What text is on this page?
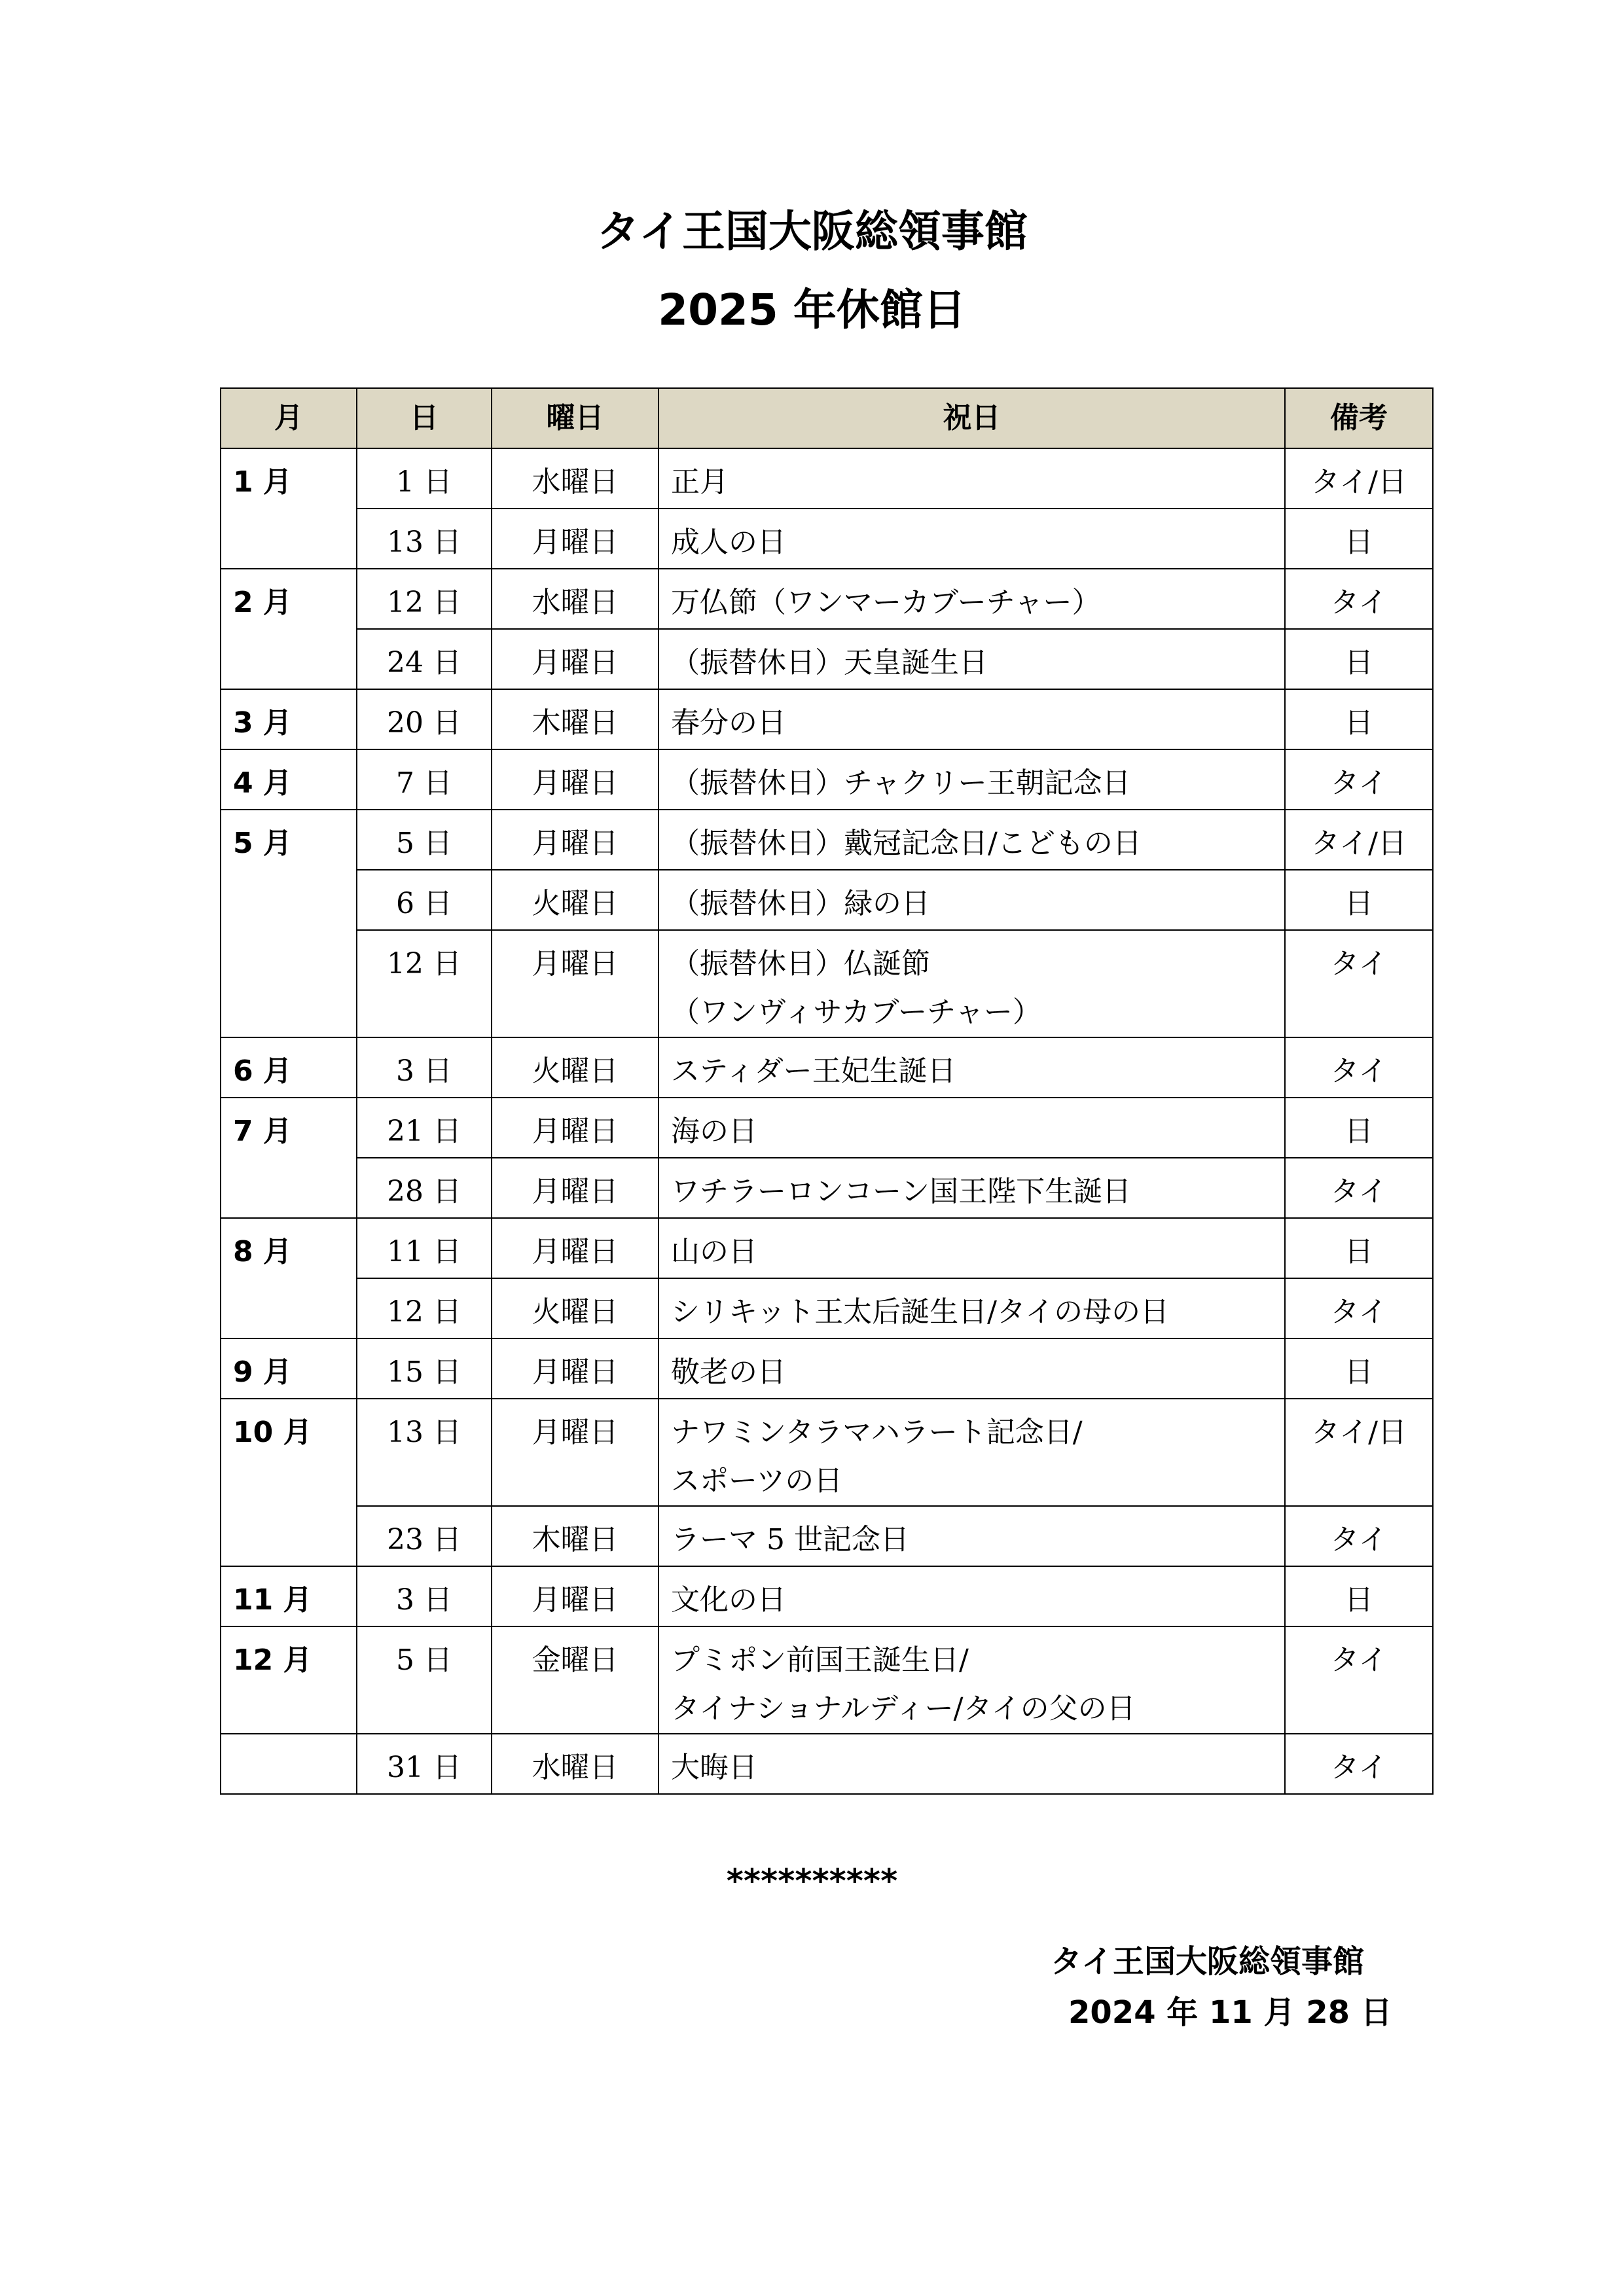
タイ王国大阪総領事館
2025 年休館日
月	日	曜日	祝日	備考
1 月	1 日	水曜日	正月	タイ/日
	13 日	月曜日	成人の日	日
2 月	12 日	水曜日	万仏節（ワンマーカブーチャー）	タイ
	24 日	月曜日	（振替休日）天皇誕生日	日
3 月	20 日	木曜日	春分の日	日
4 月	7 日	月曜日	（振替休日）チャクリー王朝記念日	タイ
5 月	5 日	月曜日	（振替休日）戴冠記念日/こどもの日	タイ/日
	6 日	火曜日	（振替休日）緑の日	日
	12 日	月曜日	（振替休日）仏誕節
（ワンヴィサカブーチャー）	タイ
6 月	3 日	火曜日	スティダー王妃生誕日	タイ
7 月	21 日	月曜日	海の日	日
	28 日	月曜日	ワチラーロンコーン国王陛下生誕日	タイ
8 月	11 日	月曜日	山の日	日
	12 日	火曜日	シリキット王太后誕生日/タイの母の日	タイ
9 月	15 日	月曜日	敬老の日	日
10 月	13 日	月曜日	ナワミンタラマハラート記念日/
スポーツの日	タイ/日
	23 日	木曜日	ラーマ 5 世記念日	タイ
11 月	3 日	月曜日	文化の日	日
12 月	5 日	金曜日	プミポン前国王誕生日/
タイナショナルディー/タイの父の日	タイ
	31 日	水曜日	大晦日	タイ
**********
タイ王国大阪総領事館
2024 年 11 月 28 日
